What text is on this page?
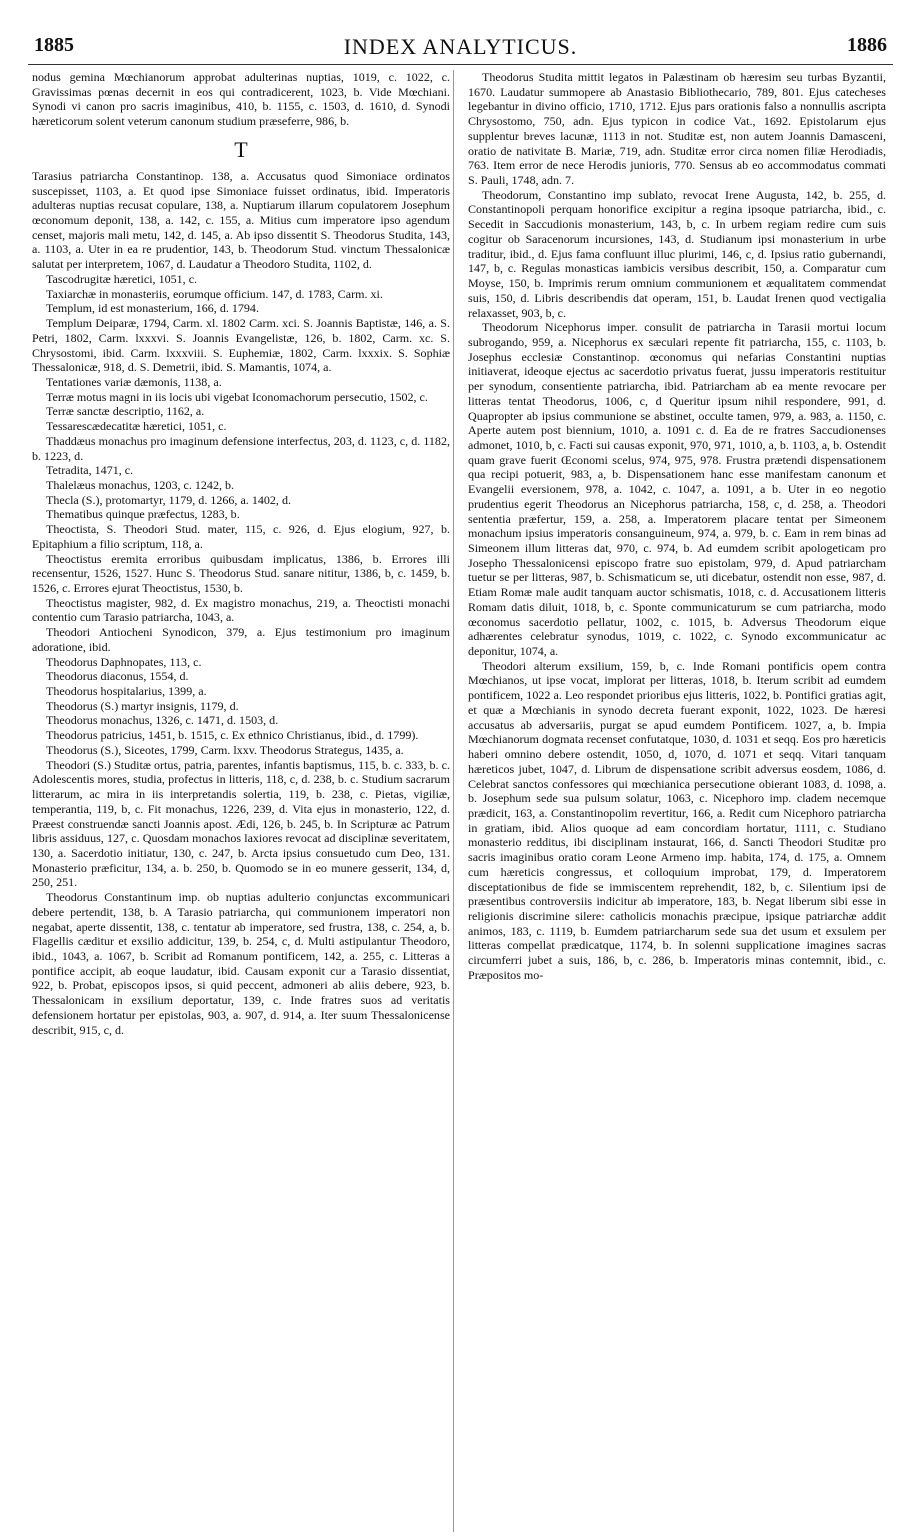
1885	INDEX ANALYTICUS.	1886

nodus gemina Mœchianorum approbat adulterinas nuptias, 1019, c. 1022, c. Gravissimas pœnas decernit in eos qui contradicerent, 1023, b. Vide Mœchiani. Synodi vi canon pro sacris imaginibus, 410, b. 1155, c. 1503, d. 1610, d. Synodi hæreticorum solent veterum canonum studium præseferre, 986, b.

T

Tarasius patriarcha Constantinop. 138, a. Accusatus quod Simoniace ordinatos suscepisset, 1103, a. Et quod ipse Simoniace fuisset ordinatus, ibid. Imperatoris adulteras nuptias recusat copulare, 138, a. Nuptiarum illarum copulatorem Josephum œconomum deponit, 138, a. 142, c. 155, a. Mitius cum imperatore ipso agendum censet, majoris mali metu, 142, d. 145, a. Ab ipso dissentit S. Theodorus Studita, 143, a. 1103, a. Uter in ea re prudentior, 143, b. Theodorum Stud. vinctum Thessalonicæ salutat per interpretem, 1067, d. Laudatur a Theodoro Studita, 1102, d.

Tascodrugitæ hæretici, 1051, c.

Taxiarchæ in monasteriis, eorumque officium. 147, d. 1783, Carm. xi.

Templum, id est monasterium, 166, d. 1794.

Templum Deiparæ, 1794, Carm. xl. 1802 Carm. xci. S. Joannis Baptistæ, 146, a. S. Petri, 1802, Carm. lxxxvi. S. Joannis Evangelistæ, 126, b. 1802, Carm. xc. S. Chrysostomi, ibid. Carm. lxxxviii. S. Euphemiæ, 1802, Carm. lxxxix. S. Sophiæ Thessalonicæ, 918, d. S. Demetrii, ibid. S. Mamantis, 1074, a.

Tentationes variæ dæmonis, 1138, a.

Terræ motus magni in iis locis ubi vigebat Iconomachorum persecutio, 1502, c.

Terræ sanctæ descriptio, 1162, a.

Tessarescædecatitæ hæretici, 1051, c.

Thaddæus monachus pro imaginum defensione interfectus, 203, d. 1123, c, d. 1182, b. 1223, d.

Tetradita, 1471, c.

Thalelæus monachus, 1203, c. 1242, b.

Thecla (S.), protomartyr, 1179, d. 1266, a. 1402, d.

Thematibus quinque præfectus, 1283, b.

Theoctista, S. Theodori Stud. mater, 115, c. 926, d. Ejus elogium, 927, b. Epitaphium a filio scriptum, 118, a.

Theoctistus eremita erroribus quibusdam implicatus, 1386, b. Errores illi recensentur, 1526, 1527. Hunc S. Theodorus Stud. sanare nititur, 1386, b, c. 1459, b. 1526, c. Errores ejurat Theoctistus, 1530, b.

Theoctistus magister, 982, d. Ex magistro monachus, 219, a. Theoctisti monachi contentio cum Tarasio patriarcha, 1043, a.

Theodori Antiocheni Synodicon, 379, a. Ejus testimonium pro imaginum adoratione, ibid.

Theodorus Daphnopates, 113, c.

Theodorus diaconus, 1554, d.

Theodorus hospitalarius, 1399, a.

Theodorus (S.) martyr insignis, 1179, d.

Theodorus monachus, 1326, c. 1471, d. 1503, d.

Theodorus patricius, 1451, b. 1515, c. Ex ethnico Christianus, ibid., d. 1799).

Theodorus (S.), Siceotes, 1799, Carm. lxxv. Theodorus Strategus, 1435, a.

Theodori (S.) Studitæ ortus, patria, parentes, infantis baptismus, 115, b. c. 333, b. c. Adolescentis mores, studia, profectus in litteris, 118, c, d. 238, b. c. Studium sacrarum litterarum, ac mira in iis interpretandis solertia, 119, b. 238, c. Pietas, vigiliæ, temperantia, 119, b, c. Fit monachus, 1226, 239, d. Vita ejus in monasterio, 122, d. Præest construendæ sancti Joannis apost. Ædi, 126, b. 245, b. In Scripturæ ac Patrum libris assiduus, 127, c. Quosdam monachos laxiores revocat ad disciplinæ severitatem, 130, a. Sacerdotio initiatur, 130, c. 247, b. Arcta ipsius consuetudo cum Deo, 131. Monasterio præficitur, 134, a. b. 250, b. Quomodo se in eo munere gesserit, 134, d, 250, 251.

Theodorus Constantinum imp. ob nuptias adulterio conjunctas excommunicari debere pertendit, 138, b. A Tarasio patriarcha, qui communionem imperatori non negabat, aperte dissentit, 138, c. tentatur ab imperatore, sed frustra, 138, c. 254, a, b. Flagellis cæditur et exsilio addicitur, 139, b. 254, c, d. Multi astipulantur Theodoro, ibid., 1043, a. 1067, b. Scribit ad Romanum pontificem, 142, a. 255, c. Litteras a pontifice accipit, ab eoque laudatur, ibid. Causam exponit cur a Tarasio dissentiat, 922, b. Probat, episcopos ipsos, si quid peccent, admoneri ab aliis debere, 923, b. Thessalonicam in exsilium deportatur, 139, c. Inde fratres suos ad veritatis defensionem hortatur per epistolas, 903, a. 907, d. 914, a. Iter suum Thessalonicense describit, 915, c, d.

Theodorus Studita mittit legatos in Palæstinam ob hæresim seu turbas Byzantii, 1670. Laudatur summopere ab Anastasio Bibliothecario, 789, 801. Ejus catecheses legebantur in divino officio, 1710, 1712. Ejus pars orationis falso a nonnullis ascripta Chrysostomo, 750, adn. Ejus typicon in codice Vat., 1692. Epistolarum ejus supplentur breves lacunæ, 1113 in not. Studitæ est, non autem Joannis Damasceni, oratio de nativitate B. Mariæ, 719, adn. Studitæ error circa nomen filiæ Herodiadis, 763. Item error de nece Herodis junioris, 770. Sensus ab eo accommodatus commati S. Pauli, 1748, adn. 7.

Theodorum, Constantino imp sublato, revocat Irene Augusta, 142, b. 255, d. Constantinopoli perquam honorifice excipitur a regina ipsoque patriarcha, ibid., c. Secedit in Saccudionis monasterium, 143, b, c. In urbem regiam redire cum suis cogitur ob Saracenorum incursiones, 143, d. Studianum ipsi monasterium in urbe traditur, ibid., d. Ejus fama confluunt illuc plurimi, 146, c, d. Ipsius ratio gubernandi, 147, b, c. Regulas monasticas iambicis versibus describit, 150, a. Comparatur cum Moyse, 150, b. Imprimis rerum omnium communionem et æqualitatem commendat suis, 150, d. Libris describendis dat operam, 151, b. Laudat Irenen quod vectigalia relaxasset, 903, b, c.

Theodorum Nicephorus imper. consulit de patriarcha in Tarasii mortui locum subrogando, 959, a. Nicephorus ex sæculari repente fit patriarcha, 155, c. 1103, b. Josephus ecclesiæ Constantinop. œconomus qui nefarias Constantini nuptias initiaverat, ideoque ejectus ac sacerdotio privatus fuerat, jussu imperatoris restituitur per synodum, consentiente patriarcha, ibid. Patriarcham ab ea mente revocare per litteras tentat Theodorus, 1006, c, d Queritur ipsum nihil respondere, 991, d. Quapropter ab ipsius communione se abstinet, occulte tamen, 979, a. 983, a. 1150, c. Aperte autem post biennium, 1010, a. 1091 c. d. Ea de re fratres Saccudionenses admonet, 1010, b, c. Facti sui causas exponit, 970, 971, 1010, a, b. 1103, a, b. Ostendit quam grave fuerit Œconomi scelus, 974, 975, 978. Frustra prætendi dispensationem qua recipi potuerit, 983, a, b. Dispensationem hanc esse manifestam canonum et Evangelii eversionem, 978, a. 1042, c. 1047, a. 1091, a b. Uter in eo negotio prudentius egerit Theodorus an Nicephorus patriarcha, 158, c, d. 258, a. Theodori sententia præfertur, 159, a. 258, a. Imperatorem placare tentat per Simeonem monachum ipsius imperatoris consanguineum, 974, a. 979, b. c. Eam in rem binas ad Simeonem illum litteras dat, 970, c. 974, b. Ad eumdem scribit apologeticam pro Josepho Thessalonicensi episcopo fratre suo epistolam, 979, d. Apud patriarcham tuetur se per litteras, 987, b. Schismaticum se, uti dicebatur, ostendit non esse, 987, d. Etiam Romæ male audit tanquam auctor schismatis, 1018, c. d. Accusationem litteris Romam datis diluit, 1018, b, c. Sponte communicaturum se cum patriarcha, modo œconomus sacerdotio pellatur, 1002, c. 1015, b. Adversus Theodorum eique adhærentes celebratur synodus, 1019, c. 1022, c. Synodo excommunicatur ac deponitur, 1074, a.

Theodori alterum exsilium, 159, b, c. Inde Romani pontificis opem contra Mœchianos, ut ipse vocat, implorat per litteras, 1018, b. Iterum scribit ad eumdem pontificem, 1022 a. Leo respondet prioribus ejus litteris, 1022, b. Pontifici gratias agit, et quæ a Mœchianis in synodo decreta fuerant exponit, 1022, 1023. De hæresi accusatus ab adversariis, purgat se apud eumdem Pontificem. 1027, a, b. Impia Mœchianorum dogmata recenset confutatque, 1030, d. 1031 et seqq. Eos pro hæreticis haberi omnino debere ostendit, 1050, d, 1070, d. 1071 et seqq. Vitari tanquam hæreticos jubet, 1047, d. Librum de dispensatione scribit adversus eosdem, 1086, d. Celebrat sanctos confessores qui mœchianica persecutione obierant 1083, d. 1098, a. b. Josephum sede sua pulsum solatur, 1063, c. Nicephoro imp. cladem necemque prædicit, 163, a. Constantinopolim revertitur, 166, a. Redit cum Nicephoro patriarcha in gratiam, ibid. Alios quoque ad eam concordiam hortatur, 1111, c. Studiano monasterio redditus, ibi disciplinam instaurat, 166, d. Sancti Theodori Studitæ pro sacris imaginibus oratio coram Leone Armeno imp. habita, 174, d. 175, a. Omnem cum hæreticis congressus, et colloquium improbat, 179, d. Imperatorem disceptationibus de fide se immiscentem reprehendit, 182, b, c. Silentium ipsi de præsentibus controversiis indicitur ab imperatore, 183, b. Negat liberum sibi esse in religionis discrimine silere: catholicis monachis præcipue, ipsique patriarchæ addit animos, 183, c. 1119, b. Eumdem patriarcharum sede sua det usum et exsulem per litteras compellat prædicatque, 1174, b. In solenni supplicatione imagines sacras circumferri jubet a suis, 186, b, c. 286, b. Imperatoris minas contemnit, ibid., c. Præpositos mo-
